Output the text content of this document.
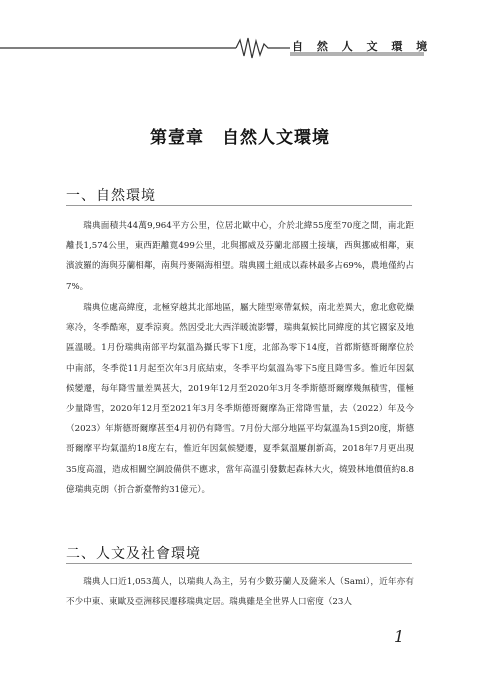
自 然 人 文 環 境
第壹章　自然人文環境
一、自然環境

瑞典面積共44萬9,964平方公里，位居北歐中心，介於北緯55度至70度之間，南北距離長1,574公里，東西距離寬499公里，北與挪威及芬蘭北部國土接壤，西與挪威相鄰，東濱波羅的海與芬蘭相鄰，南與丹麥隔海相望。瑞典國土組成以森林最多占69%，農地僅約占7%。

瑞典位處高緯度，北極穿越其北部地區，屬大陸型寒帶氣候，南北差異大，愈北愈乾燥寒冷，冬季酷寒，夏季涼爽。然因受北大西洋暖流影響，瑞典氣候比同緯度的其它國家及地區溫暖。1月份瑞典南部平均氣溫為攝氏零下1度，北部為零下14度，首都斯德哥爾摩位於中南部，冬季從11月起至次年3月底結束，冬季平均氣溫為零下5度且降雪多。惟近年因氣候變遷，每年降雪量差異甚大，2019年12月至2020年3月冬季斯德哥爾摩幾無積雪，僅極少量降雪，2020年12月至2021年3月冬季斯德哥爾摩為正常降雪量，去（2022）年及今（2023）年斯德哥爾摩甚至4月初仍有降雪。7月份大部分地區平均氣溫為15到20度，斯德哥爾摩平均氣溫約18度左右，惟近年因氣候變遷，夏季氣溫屢創新高，2018年7月更出現35度高溫，造成相關空調設備供不應求，當年高溫引發數起森林大火，燒毀林地價值約8.8億瑞典克朗（折合新臺幣約31億元）。

二、人文及社會環境

瑞典人口近1,053萬人，以瑞典人為主，另有少數芬蘭人及薩米人（Sami），近年亦有不少中東、東歐及亞洲移民遷移瑞典定居。瑞典雖是全世界人口密度（23人

1
